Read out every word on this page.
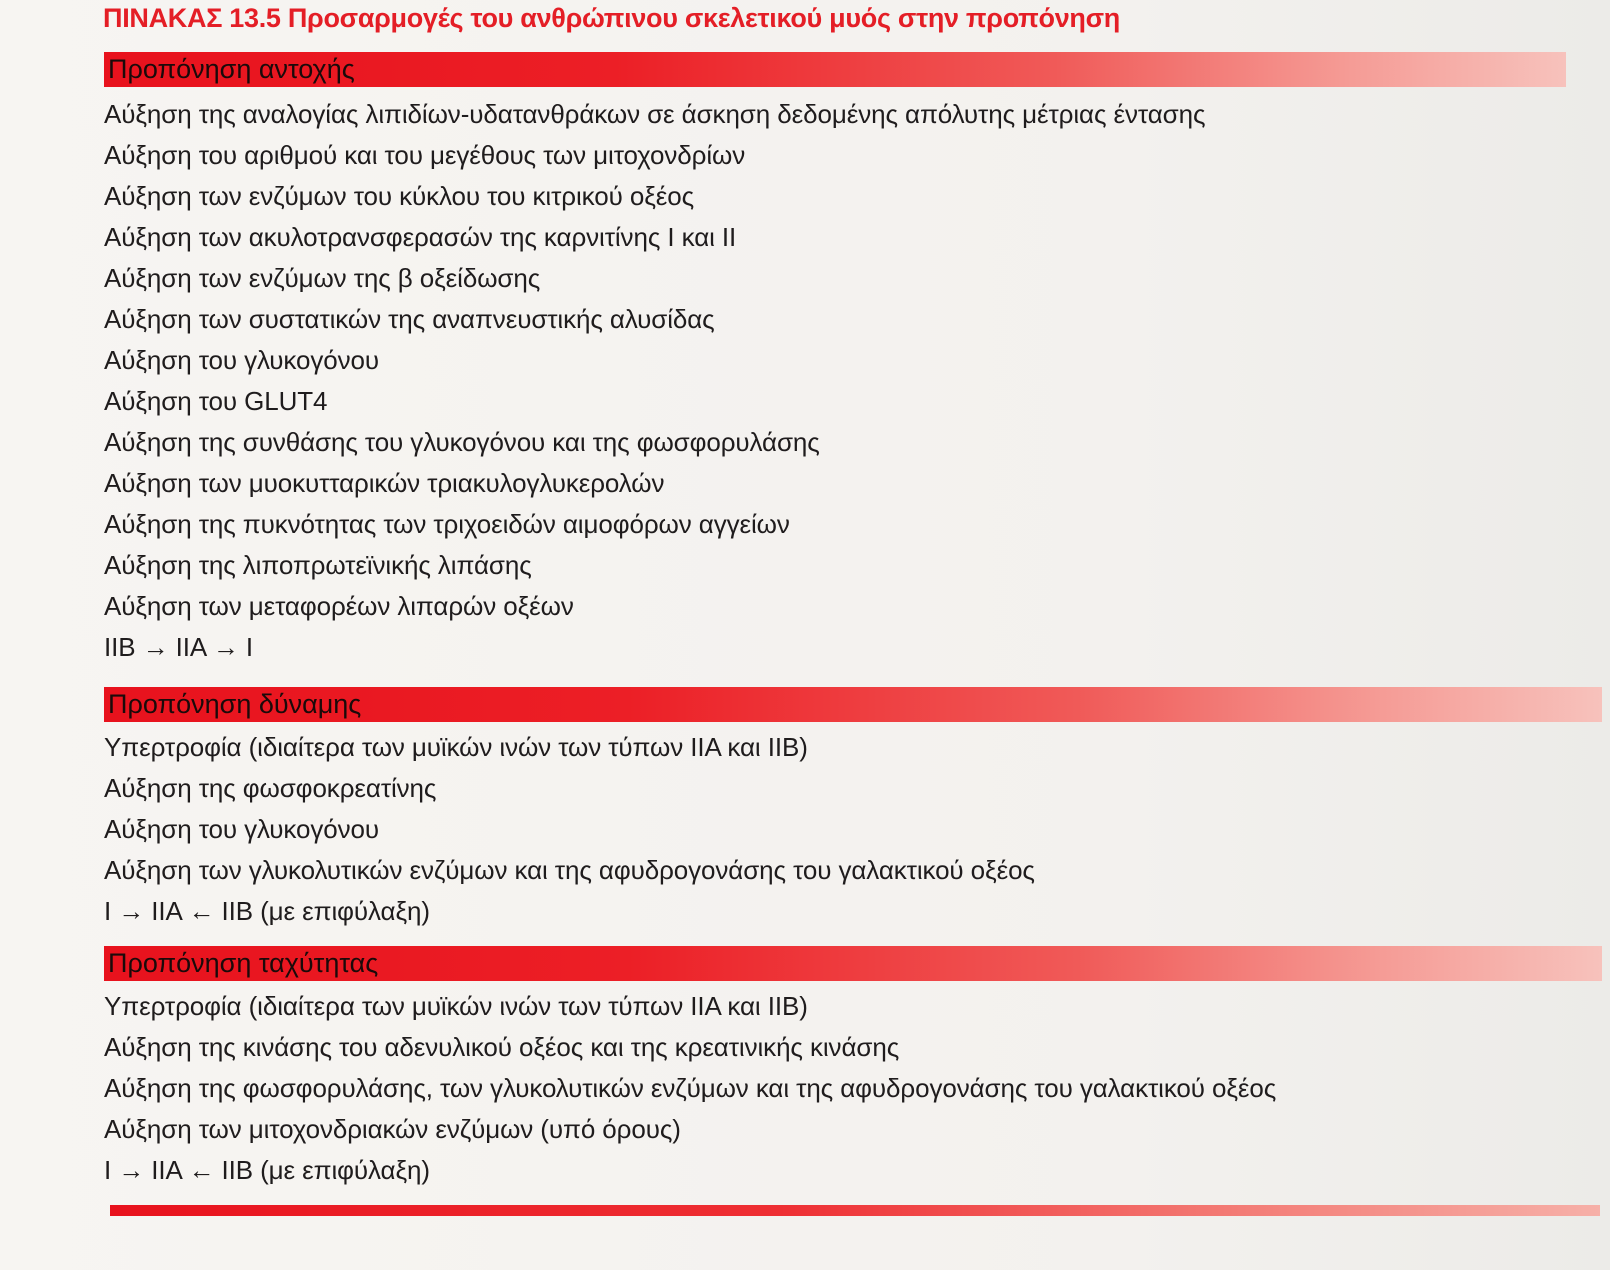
ΠΙΝΑΚΑΣ 13.5 Προσαρμογές του ανθρώπινου σκελετικού μυός στην προπόνηση
Προπόνηση αντοχής
Αύξηση της αναλογίας λιπιδίων-υδατανθράκων σε άσκηση δεδομένης απόλυτης μέτριας έντασης
Αύξηση του αριθμού και του μεγέθους των μιτοχονδρίων
Αύξηση των ενζύμων του κύκλου του κιτρικού οξέος
Αύξηση των ακυλοτρανσφερασών της καρνιτίνης Ι και ΙΙ
Αύξηση των ενζύμων της β οξείδωσης
Αύξηση των συστατικών της αναπνευστικής αλυσίδας
Αύξηση του γλυκογόνου
Αύξηση του GLUT4
Αύξηση της συνθάσης του γλυκογόνου και της φωσφορυλάσης
Αύξηση των μυοκυτταρικών τριακυλογλυκερολών
Αύξηση της πυκνότητας των τριχοειδών αιμοφόρων αγγείων
Αύξηση της λιποπρωτεϊνικής λιπάσης
Αύξηση των μεταφορέων λιπαρών οξέων
IIB → IIA → I
Προπόνηση δύναμης
Υπερτροφία (ιδιαίτερα των μυϊκών ινών των τύπων IIA και IIB)
Αύξηση της φωσφοκρεατίνης
Αύξηση του γλυκογόνου
Αύξηση των γλυκολυτικών ενζύμων και της αφυδρογονάσης του γαλακτικού οξέος
I → IIA ← IIB (με επιφύλαξη)
Προπόνηση ταχύτητας
Υπερτροφία (ιδιαίτερα των μυϊκών ινών των τύπων IIA και IIB)
Αύξηση της κινάσης του αδενυλικού οξέος και της κρεατινικής κινάσης
Αύξηση της φωσφορυλάσης, των γλυκολυτικών ενζύμων και της αφυδρογονάσης του γαλακτικού οξέος
Αύξηση των μιτοχονδριακών ενζύμων (υπό όρους)
I → IIA ← IIB (με επιφύλαξη)
